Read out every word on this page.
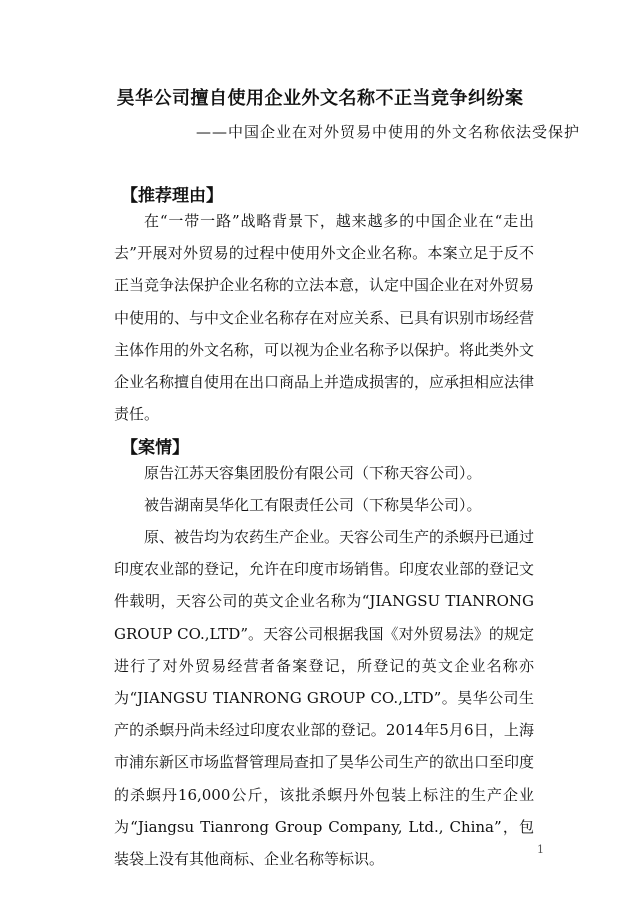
昊华公司擅自使用企业外文名称不正当竞争纠纷案
——中国企业在对外贸易中使用的外文名称依法受保护
【推荐理由】
在“一带一路”战略背景下，越来越多的中国企业在“走出去”开展对外贸易的过程中使用外文企业名称。本案立足于反不正当竞争法保护企业名称的立法本意，认定中国企业在对外贸易中使用的、与中文企业名称存在对应关系、已具有识别市场经营主体作用的外文名称，可以视为企业名称予以保护。将此类外文企业名称擅自使用在出口商品上并造成损害的，应承担相应法律责任。
【案情】
原告江苏天容集团股份有限公司（下称天容公司）。
被告湖南昊华化工有限责任公司（下称昊华公司）。
原、被告均为农药生产企业。天容公司生产的杀螟丹已通过印度农业部的登记，允许在印度市场销售。印度农业部的登记文件载明，天容公司的英文企业名称为“JIANGSU TIANRONG GROUP CO.,LTD”。天容公司根据我国《对外贸易法》的规定进行了对外贸易经营者备案登记，所登记的英文企业名称亦为“JIANGSU TIANRONG GROUP CO.,LTD”。昊华公司生产的杀螟丹尚未经过印度农业部的登记。2014年5月6日，上海市浦东新区市场监督管理局查扣了昊华公司生产的欲出口至印度的杀螟丹16,000公斤，该批杀螟丹外包装上标注的生产企业为“Jiangsu Tianrong Group Company, Ltd., China”，包装袋上没有其他商标、企业名称等标识。
1
